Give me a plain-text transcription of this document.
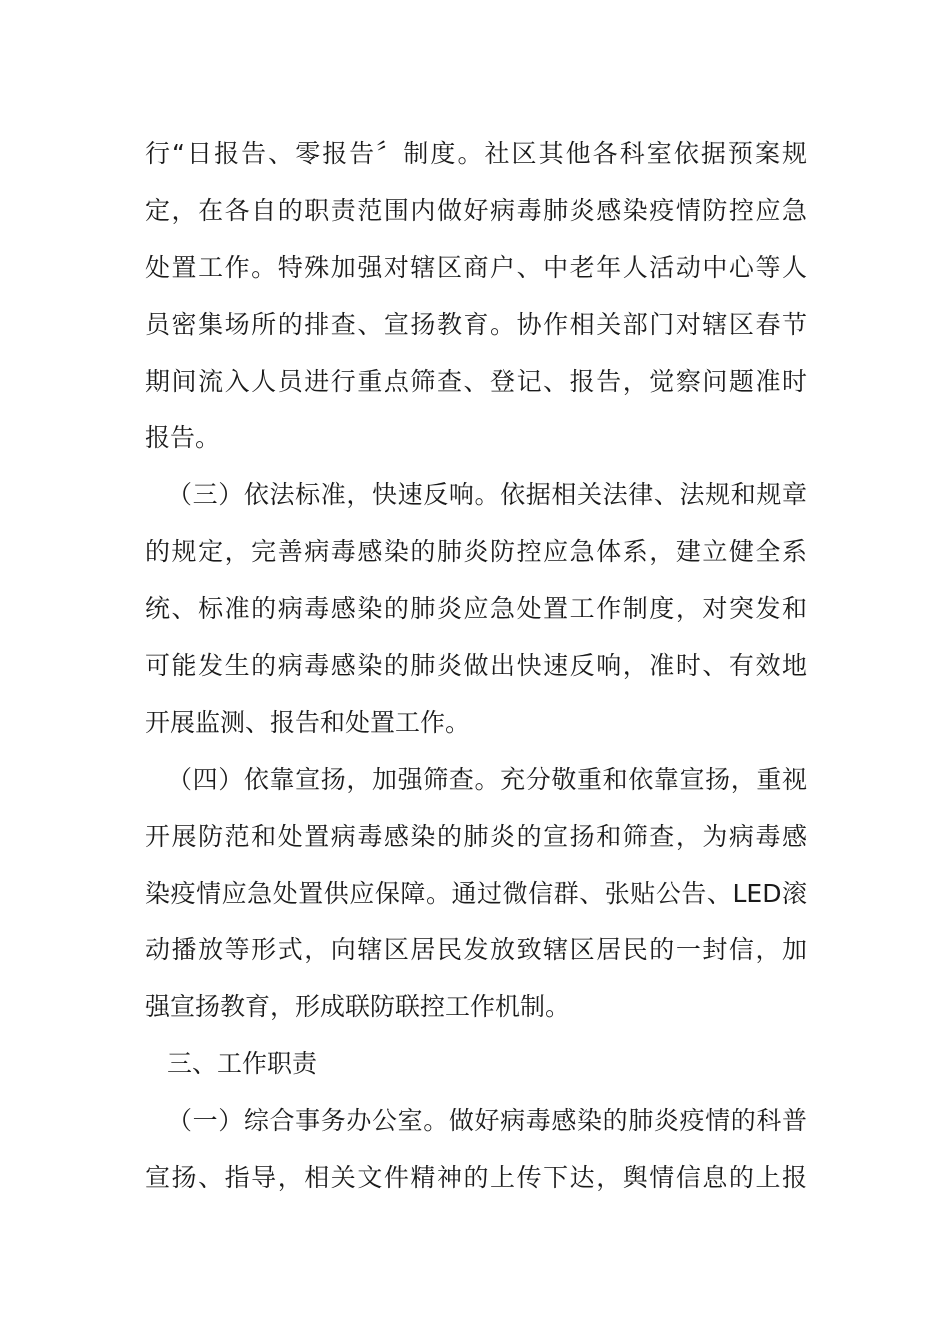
行“日报告、零报告〞制度。社区其他各科室依据预案规
定，在各自的职责范围内做好病毒肺炎感染疫情防控应急
处置工作。特殊加强对辖区商户、中老年人活动中心等人
员密集场所的排查、宣扬教育。协作相关部门对辖区春节
期间流入人员进行重点筛查、登记、报告，觉察问题准时
报告。
（三）依法标准，快速反响。依据相关法律、法规和规章
的规定，完善病毒感染的肺炎防控应急体系，建立健全系
统、标准的病毒感染的肺炎应急处置工作制度，对突发和
可能发生的病毒感染的肺炎做出快速反响，准时、有效地
开展监测、报告和处置工作。
（四）依靠宣扬，加强筛查。充分敬重和依靠宣扬，重视
开展防范和处置病毒感染的肺炎的宣扬和筛查，为病毒感
染疫情应急处置供应保障。通过微信群、张贴公告、LED滚
动播放等形式，向辖区居民发放致辖区居民的一封信，加
强宣扬教育，形成联防联控工作机制。
三、工作职责
（一）综合事务办公室。做好病毒感染的肺炎疫情的科普
宣扬、指导，相关文件精神的上传下达，舆情信息的上报
